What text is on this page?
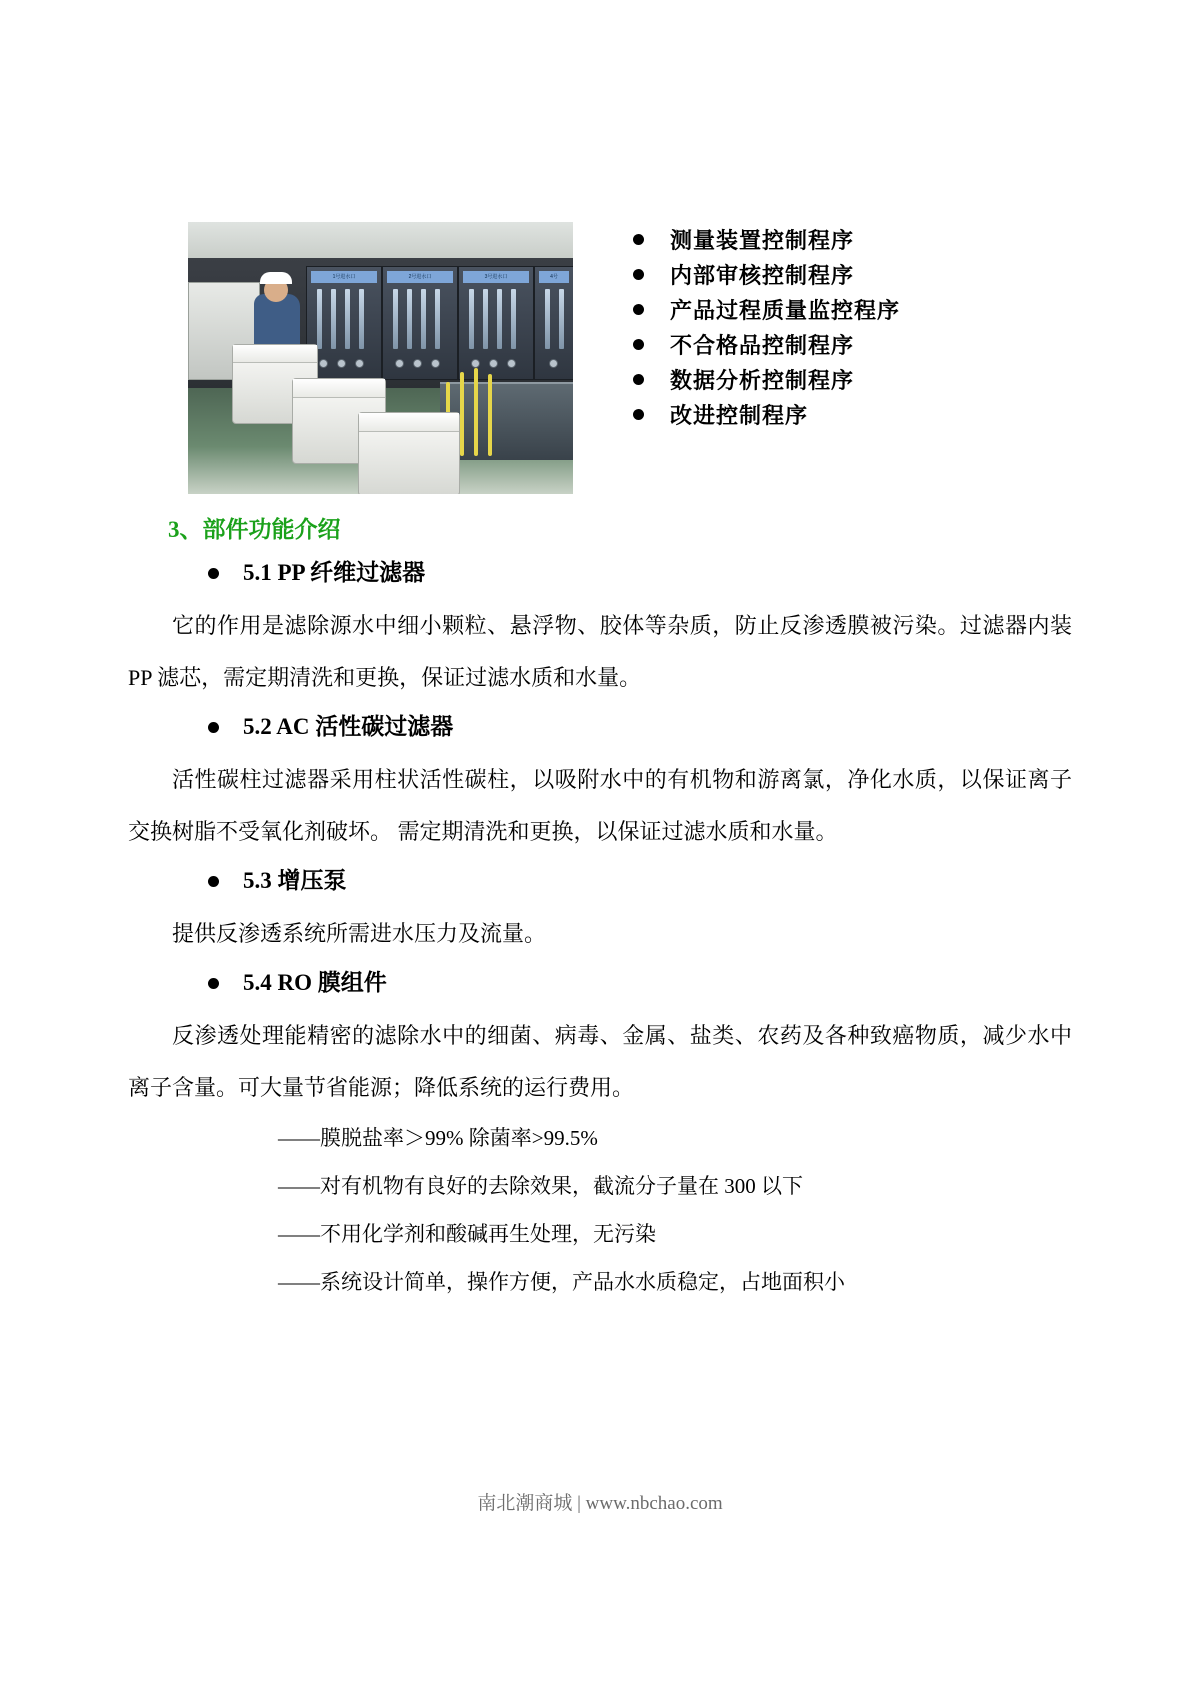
1号进水口	2号进水口	3号进水口	4号
测量装置控制程序
内部审核控制程序
产品过程质量监控程序
不合格品控制程序
数据分析控制程序
改进控制程序
3、部件功能介绍
5.1 PP 纤维过滤器
它的作用是滤除源水中细小颗粒、悬浮物、胶体等杂质，防止反渗透膜被污染。过滤器内装 PP 滤芯，需定期清洗和更换，保证过滤水质和水量。
5.2 AC 活性碳过滤器
活性碳柱过滤器采用柱状活性碳柱，以吸附水中的有机物和游离氯，净化水质，以保证离子交换树脂不受氧化剂破坏。 需定期清洗和更换，以保证过滤水质和水量。
5.3 增压泵
提供反渗透系统所需进水压力及流量。
5.4 RO 膜组件
反渗透处理能精密的滤除水中的细菌、病毒、金属、盐类、农药及各种致癌物质，减少水中离子含量。可大量节省能源；降低系统的运行费用。
——膜脱盐率＞99% 除菌率>99.5%
——对有机物有良好的去除效果，截流分子量在 300 以下
——不用化学剂和酸碱再生处理，无污染
——系统设计简单，操作方便，产品水水质稳定，占地面积小
南北潮商城 | www.nbchao.com
